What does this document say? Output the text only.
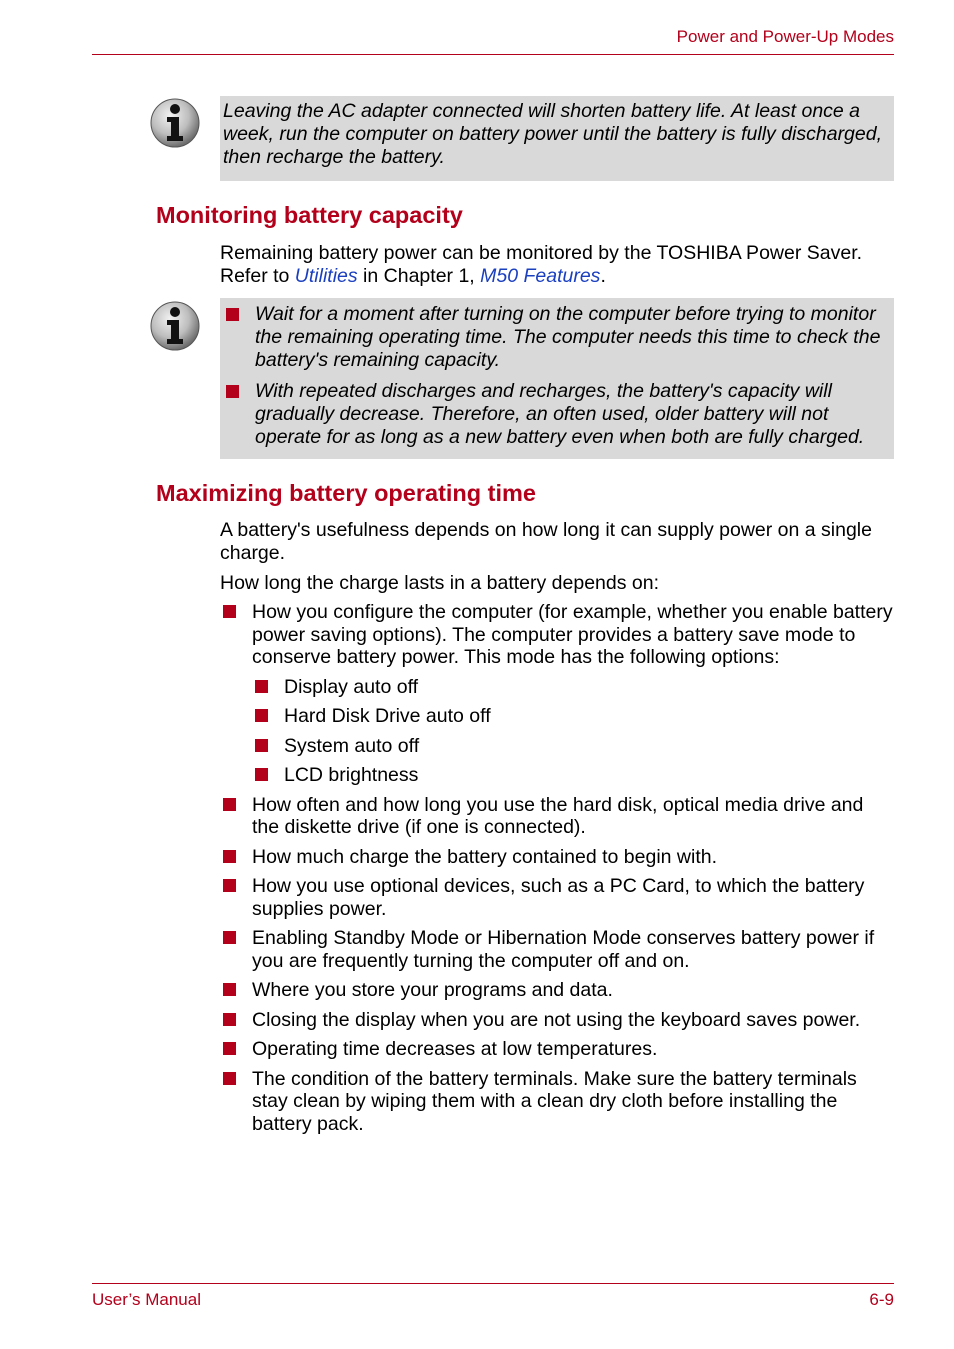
Power and Power-Up Modes
Leaving the AC adapter connected will shorten battery life. At least once a week, run the computer on battery power until the battery is fully discharged, then recharge the battery.
Monitoring battery capacity

Remaining battery power can be monitored by the TOSHIBA Power Saver.
Refer to Utilities in Chapter 1, M50 Features.

Wait for a moment after turning on the computer before trying to monitor the remaining operating time. The computer needs this time to check the battery's remaining capacity.
With repeated discharges and recharges, the battery's capacity will gradually decrease. Therefore, an often used, older battery will not operate for as long as a new battery even when both are fully charged.
Maximizing battery operating time

A battery's usefulness depends on how long it can supply power on a single charge.

How long the charge lasts in a battery depends on:

How you configure the computer (for example, whether you enable battery power saving options). The computer provides a battery save mode to conserve battery power. This mode has the following options:
Display auto off
Hard Disk Drive auto off
System auto off
LCD brightness
How often and how long you use the hard disk, optical media drive and the diskette drive (if one is connected).
How much charge the battery contained to begin with.
How you use optional devices, such as a PC Card, to which the battery supplies power.
Enabling Standby Mode or Hibernation Mode conserves battery power if you are frequently turning the computer off and on.
Where you store your programs and data.
Closing the display when you are not using the keyboard saves power.
Operating time decreases at low temperatures.
The condition of the battery terminals. Make sure the battery terminals stay clean by wiping them with a clean dry cloth before installing the battery pack.
User’s Manual	6-9
